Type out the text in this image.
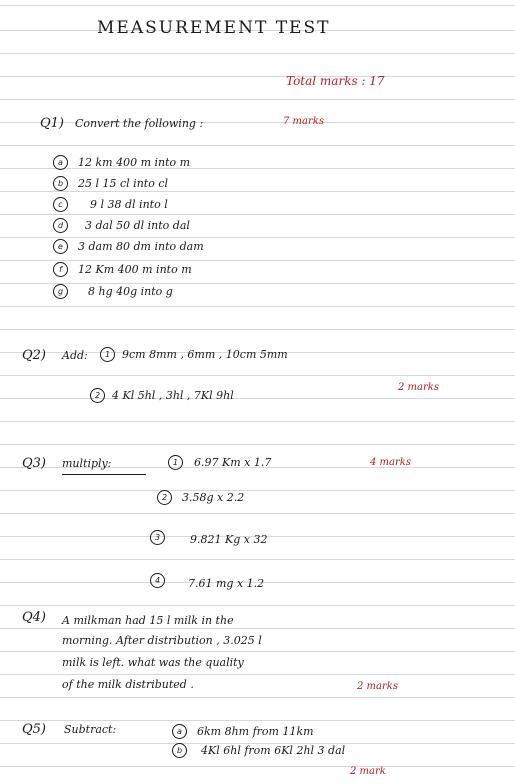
MEASUREMENT TEST
Total marks : 17
Q1) Convert the following :	7 marks
a	12 km 400 m into m
b	25 l 15 cl into cl
c	9 l 38 dl into l
d	3 dal 50 dl into dal
e	3 dam 80 dm into dam
f	12 Km 400 m into m
g	8 hg 40g into g
Q2) Add:	1	9cm 8mm , 6mm , 10cm 5mm
2	4 Kl 5hl , 3hl , 7Kl 9hl
2 marks
Q3) multiply:	4 marks
1	6.97 Km x 1.7
2	3.58g x 2.2
3	9.821 Kg x 32
4	7.61 mg x 1.2
Q4) A milkman had 15 l milk in the
morning. After distribution , 3.025 l
milk is left. what was the quality
of the milk distributed .	2 marks
Q5) Subtract:	a	6km 8hm from 11km
b	4Kl 6hl from 6Kl 2hl 3 dal
2 mark
